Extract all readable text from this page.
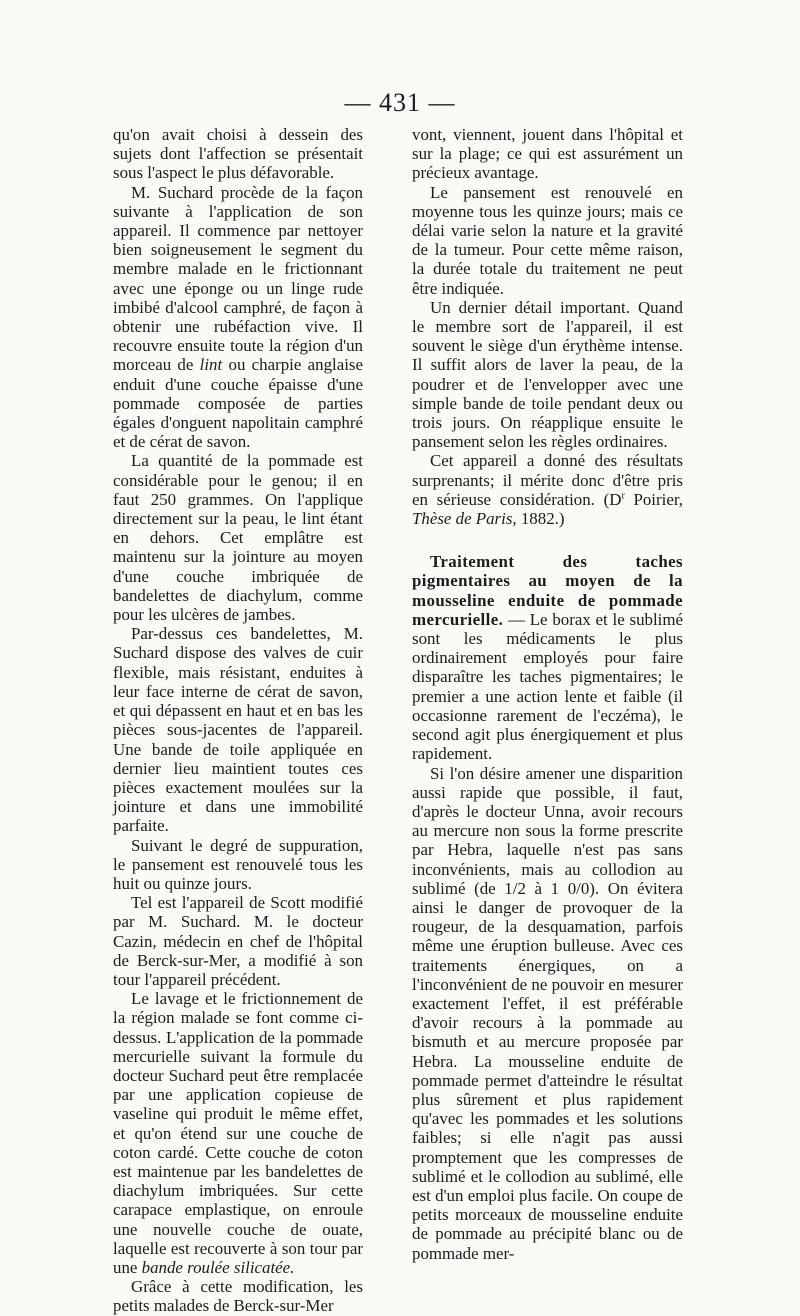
— 431 —

qu'on avait choisi à dessein des sujets dont l'affection se présentait sous l'aspect le plus défavorable.

M. Suchard procède de la façon suivante à l'application de son appareil. Il commence par nettoyer bien soigneusement le segment du membre malade en le frictionnant avec une éponge ou un linge rude imbibé d'alcool camphré, de façon à obtenir une rubéfaction vive. Il recouvre ensuite toute la région d'un morceau de lint ou charpie anglaise enduit d'une couche épaisse d'une pommade composée de parties égales d'onguent napolitain camphré et de cérat de savon.

La quantité de la pommade est considérable pour le genou; il en faut 250 grammes. On l'applique directement sur la peau, le lint étant en dehors. Cet emplâtre est maintenu sur la jointure au moyen d'une couche imbriquée de bandelettes de diachylum, comme pour les ulcères de jambes.

Par-dessus ces bandelettes, M. Suchard dispose des valves de cuir flexible, mais résistant, enduites à leur face interne de cérat de savon, et qui dépassent en haut et en bas les pièces sous-jacentes de l'appareil. Une bande de toile appliquée en dernier lieu maintient toutes ces pièces exactement moulées sur la jointure et dans une immobilité parfaite.

Suivant le degré de suppuration, le pansement est renouvelé tous les huit ou quinze jours.

Tel est l'appareil de Scott modifié par M. Suchard. M. le docteur Cazin, médecin en chef de l'hôpital de Berck-sur-Mer, a modifié à son tour l'appareil précédent.

Le lavage et le frictionnement de la région malade se font comme ci-dessus. L'application de la pommade mercurielle suivant la formule du docteur Suchard peut être remplacée par une application copieuse de vaseline qui produit le même effet, et qu'on étend sur une couche de coton cardé. Cette couche de coton est maintenue par les bandelettes de diachylum imbriquées. Sur cette carapace emplastique, on enroule une nouvelle couche de ouate, laquelle est recouverte à son tour par une bande roulée silicatée.

Grâce à cette modification, les petits malades de Berck-sur-Mer

vont, viennent, jouent dans l'hôpital et sur la plage; ce qui est assurément un précieux avantage.

Le pansement est renouvelé en moyenne tous les quinze jours; mais ce délai varie selon la nature et la gravité de la tumeur. Pour cette même raison, la durée totale du traitement ne peut être indiquée.

Un dernier détail important. Quand le membre sort de l'appareil, il est souvent le siège d'un érythème intense. Il suffit alors de laver la peau, de la poudrer et de l'envelopper avec une simple bande de toile pendant deux ou trois jours. On réapplique ensuite le pansement selon les règles ordinaires.

Cet appareil a donné des résultats surprenants; il mérite donc d'être pris en sérieuse considération. ($D^r$ Poirier, Thèse de Paris, 1882.)

Traitement des taches pigmentaires au moyen de la mousseline enduite de pommade mercurielle. — Le borax et le sublimé sont les médicaments le plus ordinairement employés pour faire disparaître les taches pigmentaires; le premier a une action lente et faible (il occasionne rarement de l'eczéma), le second agit plus énergiquement et plus rapidement.

Si l'on désire amener une disparition aussi rapide que possible, il faut, d'après le docteur Unna, avoir recours au mercure non sous la forme prescrite par Hebra, laquelle n'est pas sans inconvénients, mais au collodion au sublimé (de 1/2 à 1 0/0). On évitera ainsi le danger de provoquer de la rougeur, de la desquamation, parfois même une éruption bulleuse. Avec ces traitements énergiques, on a l'inconvénient de ne pouvoir en mesurer exactement l'effet, il est préférable d'avoir recours à la pommade au bismuth et au mercure proposée par Hebra. La mousseline enduite de pommade permet d'atteindre le résultat plus sûrement et plus rapidement qu'avec les pommades et les solutions faibles; si elle n'agit pas aussi promptement que les compresses de sublimé et le collodion au sublimé, elle est d'un emploi plus facile. On coupe de petits morceaux de mousseline enduite de pommade au précipité blanc ou de pommade mer-
